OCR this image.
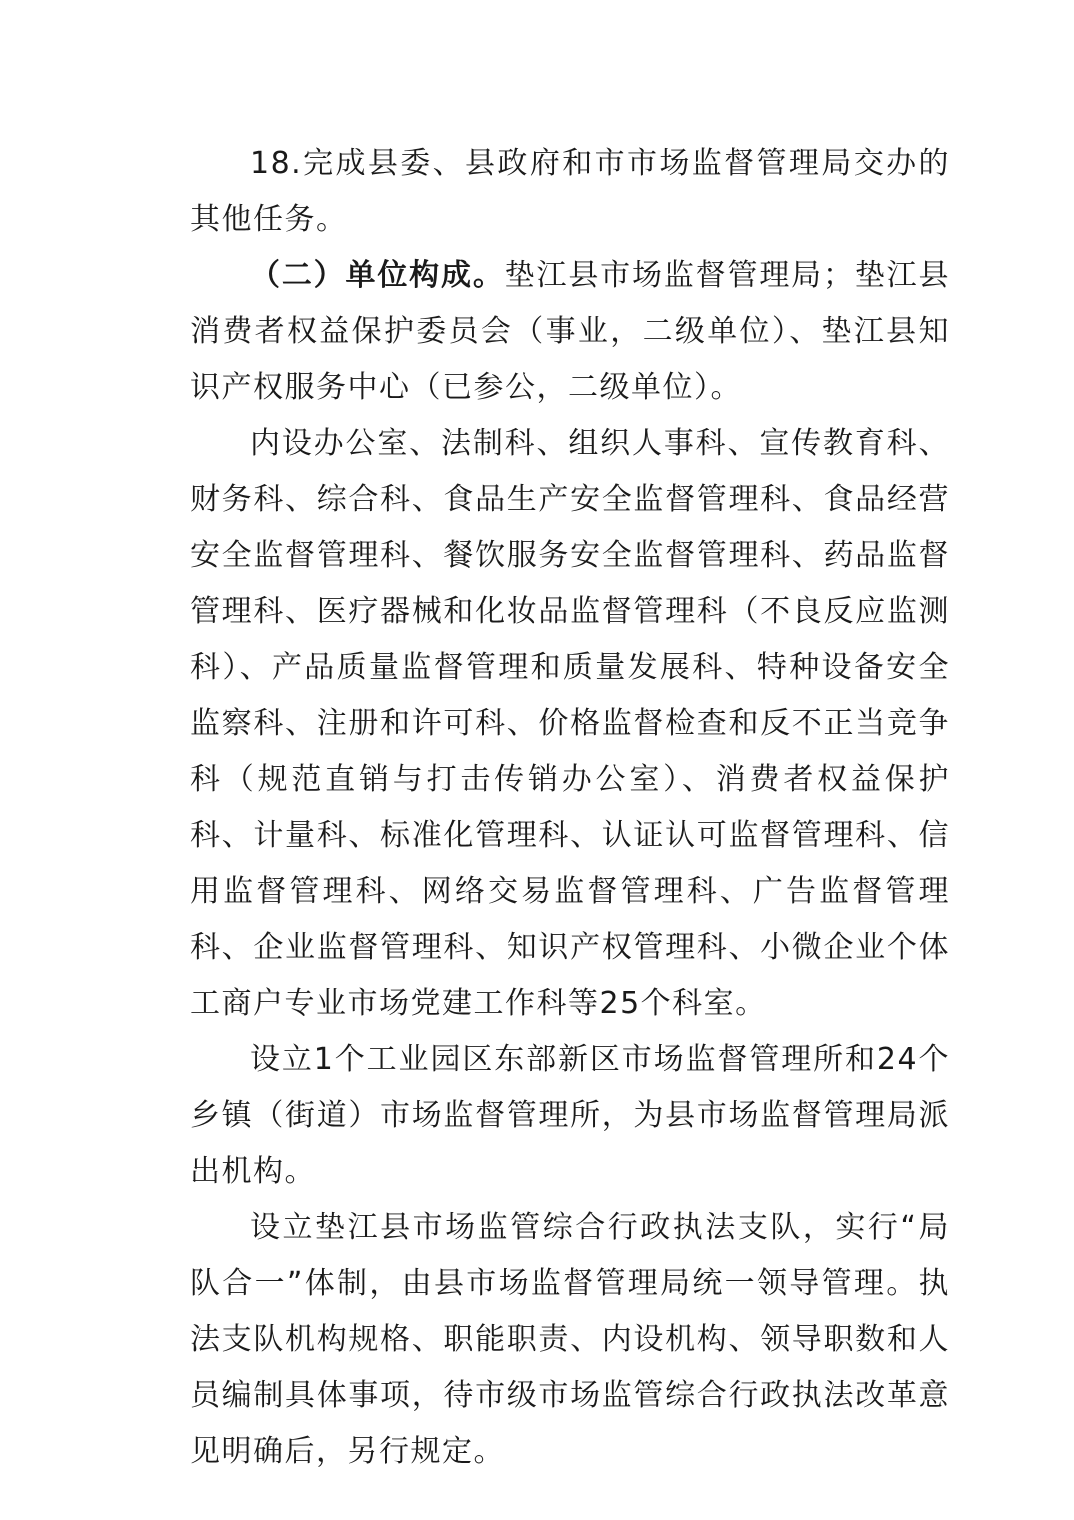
18.完成县委、县政府和市市场监督管理局交办的其他任务。

（二）单位构成。垫江县市场监督管理局；垫江县消费者权益保护委员会（事业，二级单位）、垫江县知识产权服务中心（已参公，二级单位）。

内设办公室、法制科、组织人事科、宣传教育科、财务科、综合科、食品生产安全监督管理科、食品经营安全监督管理科、餐饮服务安全监督管理科、药品监督管理科、医疗器械和化妆品监督管理科（不良反应监测科）、产品质量监督管理和质量发展科、特种设备安全监察科、注册和许可科、价格监督检查和反不正当竞争科（规范直销与打击传销办公室）、消费者权益保护科、计量科、标准化管理科、认证认可监督管理科、信用监督管理科、网络交易监督管理科、广告监督管理科、企业监督管理科、知识产权管理科、小微企业个体工商户专业市场党建工作科等25个科室。

设立1个工业园区东部新区市场监督管理所和24个乡镇（街道）市场监督管理所，为县市场监督管理局派出机构。

设立垫江县市场监管综合行政执法支队，实行“局队合一”体制，由县市场监督管理局统一领导管理。执法支队机构规格、职能职责、内设机构、领导职数和人员编制具体事项，待市级市场监管综合行政执法改革意见明确后，另行规定。
